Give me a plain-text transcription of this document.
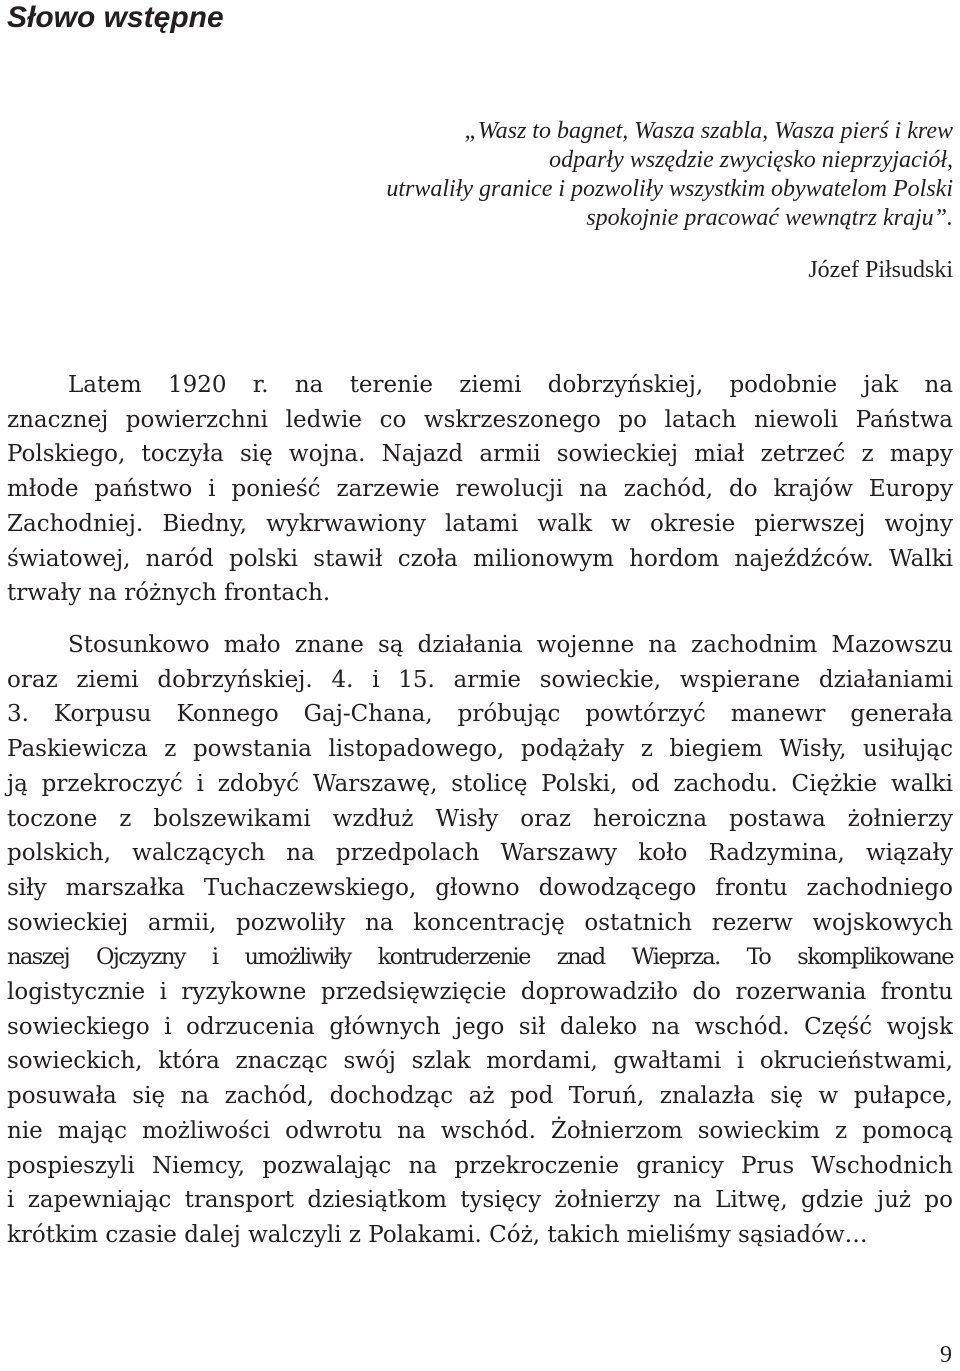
Słowo wstępne
„Wasz to bagnet, Wasza szabla, Wasza pierś i krew
odparły wszędzie zwycięsko nieprzyjaciół,
utrwaliły granice i pozwoliły wszystkim obywatelom Polski
spokojnie pracować wewnątrz kraju”.

Józef Piłsudski

Latem 1920 r. na terenie ziemi dobrzyńskiej, podobnie jak na
znacznej powierzchni ledwie co wskrzeszonego po latach niewoli Państwa
Polskiego, toczyła się wojna. Najazd armii sowieckiej miał zetrzeć z mapy
młode państwo i ponieść zarzewie rewolucji na zachód, do krajów Europy
Zachodniej. Biedny, wykrwawiony latami walk w okresie pierwszej wojny
światowej, naród polski stawił czoła milionowym hordom najeźdźców. Walki
trwały na różnych frontach.
Stosunkowo mało znane są działania wojenne na zachodnim Mazowszu
oraz ziemi dobrzyńskiej. 4. i 15. armie sowieckie, wspierane działaniami
3. Korpusu Konnego Gaj-Chana, próbując powtórzyć manewr generała
Paskiewicza z powstania listopadowego, podążały z biegiem Wisły, usiłując
ją przekroczyć i zdobyć Warszawę, stolicę Polski, od zachodu. Ciężkie walki
toczone z bolszewikami wzdłuż Wisły oraz heroiczna postawa żołnierzy
polskich, walczących na przedpolach Warszawy koło Radzymina, wiązały
siły marszałka Tuchaczewskiego, głowno dowodzącego frontu zachodniego
sowieckiej armii, pozwoliły na koncentrację ostatnich rezerw wojskowych
naszej Ojczyzny i umożliwiły kontruderzenie znad Wieprza. To skomplikowane
logistycznie i ryzykowne przedsięwzięcie doprowadziło do rozerwania frontu
sowieckiego i odrzucenia głównych jego sił daleko na wschód. Część wojsk
sowieckich, która znacząc swój szlak mordami, gwałtami i okrucieństwami,
posuwała się na zachód, dochodząc aż pod Toruń, znalazła się w pułapce,
nie mając możliwości odwrotu na wschód. Żołnierzom sowieckim z pomocą
pospieszyli Niemcy, pozwalając na przekroczenie granicy Prus Wschodnich
i zapewniając transport dziesiątkom tysięcy żołnierzy na Litwę, gdzie już po
krótkim czasie dalej walczyli z Polakami. Cóż, takich mieliśmy sąsiadów…

9
